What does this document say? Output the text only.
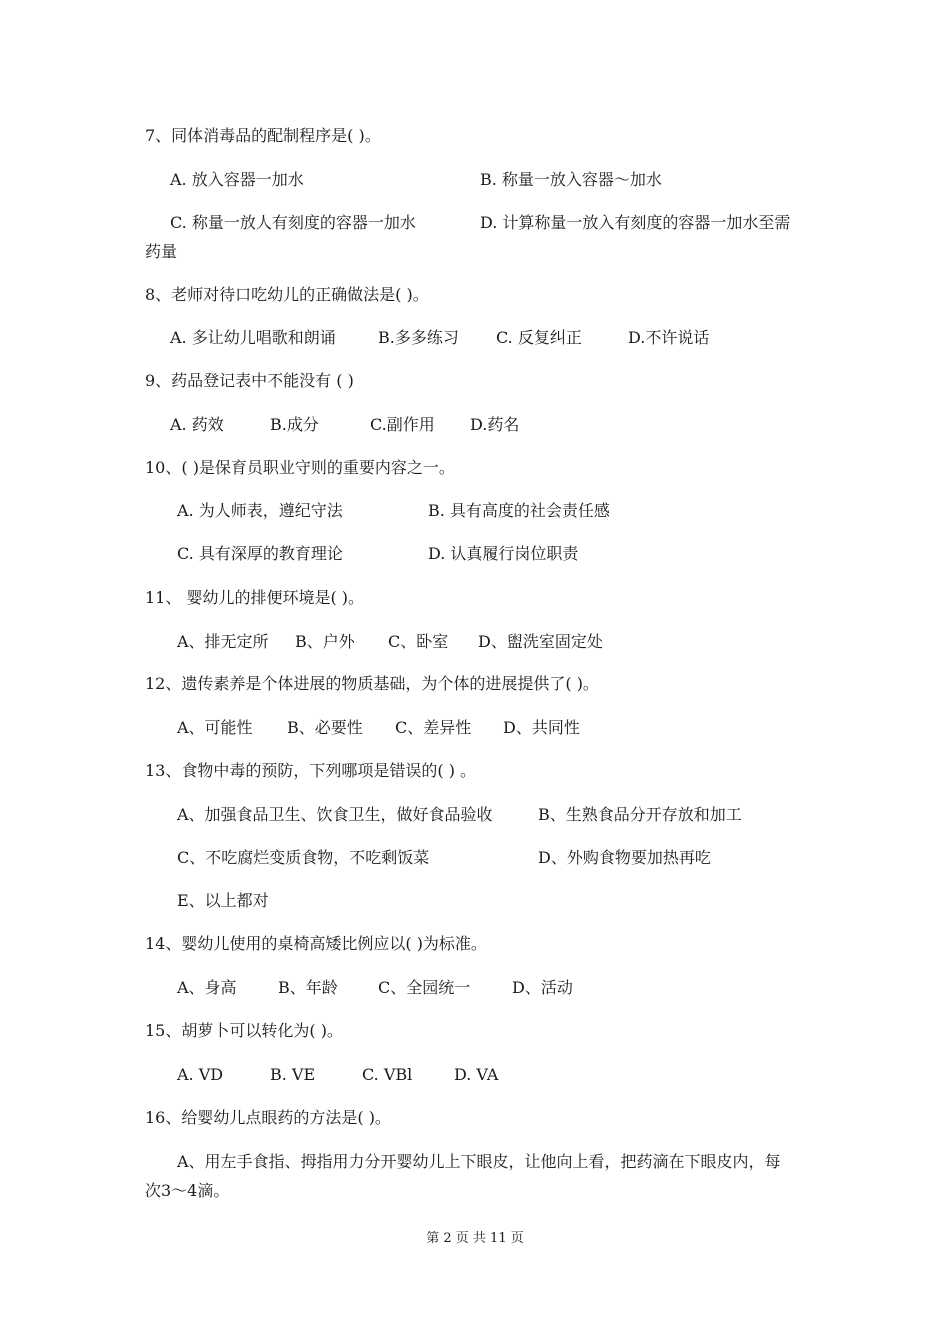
7、同体消毒品的配制程序是( )。
A. 放入容器一加水	B. 称量一放入容器～加水
C. 称量一放人有刻度的容器一加水	D. 计算称量一放入有刻度的容器一加水至需
药量
8、老师对待口吃幼儿的正确做法是( )。
A. 多让幼儿唱歌和朗诵	B.多多练习 C. 反复纠正	D.不许说话
9、药品登记表中不能没有 ( )
A. 药效	B.成分	C.副作用 D.药名
10、( )是保育员职业守则的重要内容之一。
A. 为人师表，遵纪守法	B. 具有高度的社会责任感
C. 具有深厚的教育理论	D. 认真履行岗位职责
11、 婴幼儿的排便环境是( )。
A、排无定所 B、户外 C、卧室 D、盥洗室固定处
12、遗传素养是个体进展的物质基础，为个体的进展提供了( )。
A、可能性 B、必要性 C、差异性 D、共同性
13、食物中毒的预防，下列哪项是错误的( ) 。
A、加强食品卫生、饮食卫生，做好食品验收	B、生熟食品分开存放和加工
C、不吃腐烂变质食物，不吃剩饭菜	D、外购食物要加热再吃
E、以上都对
14、婴幼儿使用的桌椅高矮比例应以( )为标准。
A、身高	B、年龄	C、全园统一	D、活动
15、胡萝卜可以转化为( )。
A. VD	B. VE	C. VBl	D. VA
16、给婴幼儿点眼药的方法是( )。
A、用左手食指、拇指用力分开婴幼儿上下眼皮，让他向上看，把药滴在下眼皮内，每
次3～4滴。
第 2 页 共 11 页
